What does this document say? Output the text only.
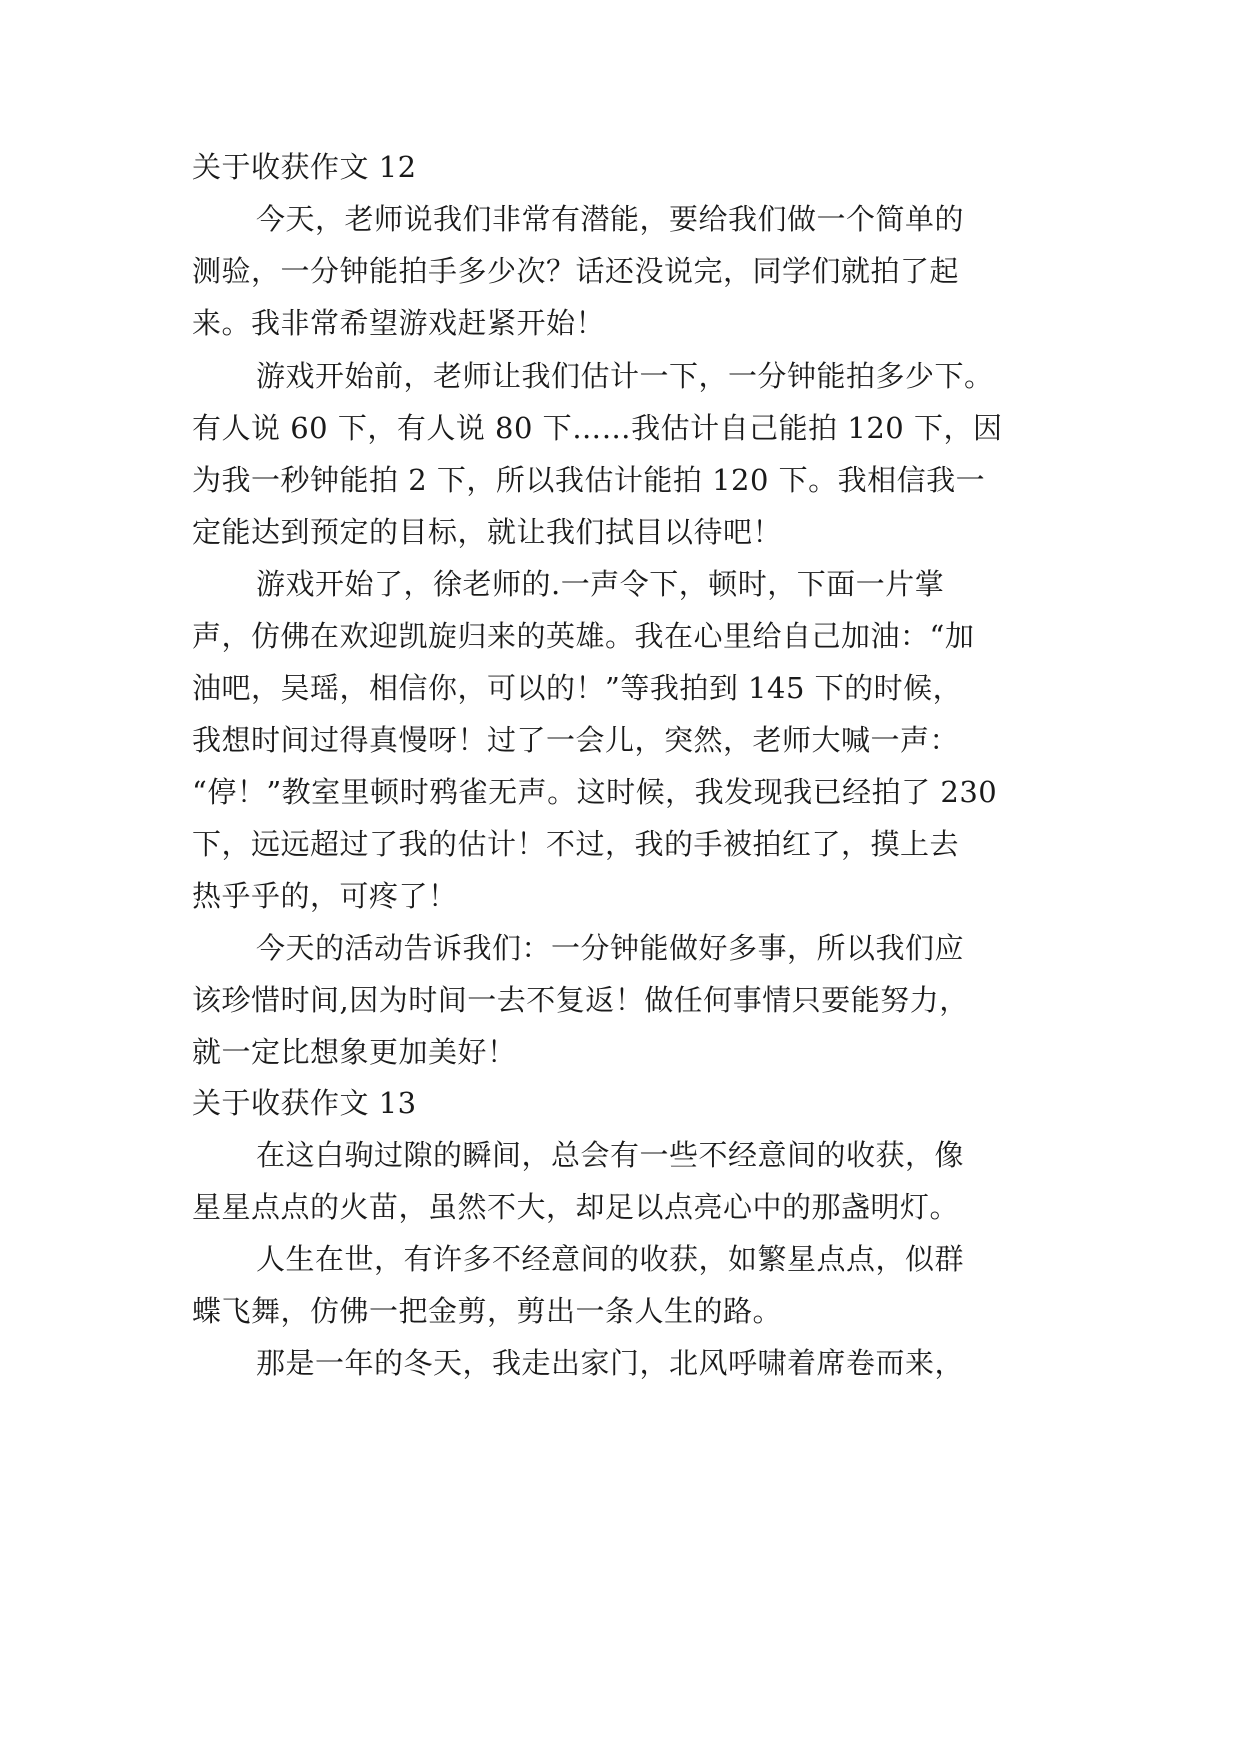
关于收获作文 12
今天，老师说我们非常有潜能，要给我们做一个简单的
测验，一分钟能拍手多少次？话还没说完，同学们就拍了起
来。我非常希望游戏赶紧开始！
游戏开始前，老师让我们估计一下，一分钟能拍多少下。
有人说 60 下，有人说 80 下……我估计自己能拍 120 下，因
为我一秒钟能拍 2 下，所以我估计能拍 120 下。我相信我一
定能达到预定的目标，就让我们拭目以待吧！
游戏开始了，徐老师的.一声令下，顿时，下面一片掌
声，仿佛在欢迎凯旋归来的英雄。我在心里给自己加油：“加
油吧，吴瑶，相信你，可以的！”等我拍到 145 下的时候，
我想时间过得真慢呀！过了一会儿，突然，老师大喊一声：
“停！”教室里顿时鸦雀无声。这时候，我发现我已经拍了 230
下，远远超过了我的估计！不过，我的手被拍红了，摸上去
热乎乎的，可疼了！
今天的活动告诉我们：一分钟能做好多事，所以我们应
该珍惜时间,因为时间一去不复返！做任何事情只要能努力，
就一定比想象更加美好！
关于收获作文 13
在这白驹过隙的瞬间，总会有一些不经意间的收获，像
星星点点的火苗，虽然不大，却足以点亮心中的那盏明灯。
人生在世，有许多不经意间的收获，如繁星点点，似群
蝶飞舞，仿佛一把金剪，剪出一条人生的路。
那是一年的冬天，我走出家门，北风呼啸着席卷而来，
